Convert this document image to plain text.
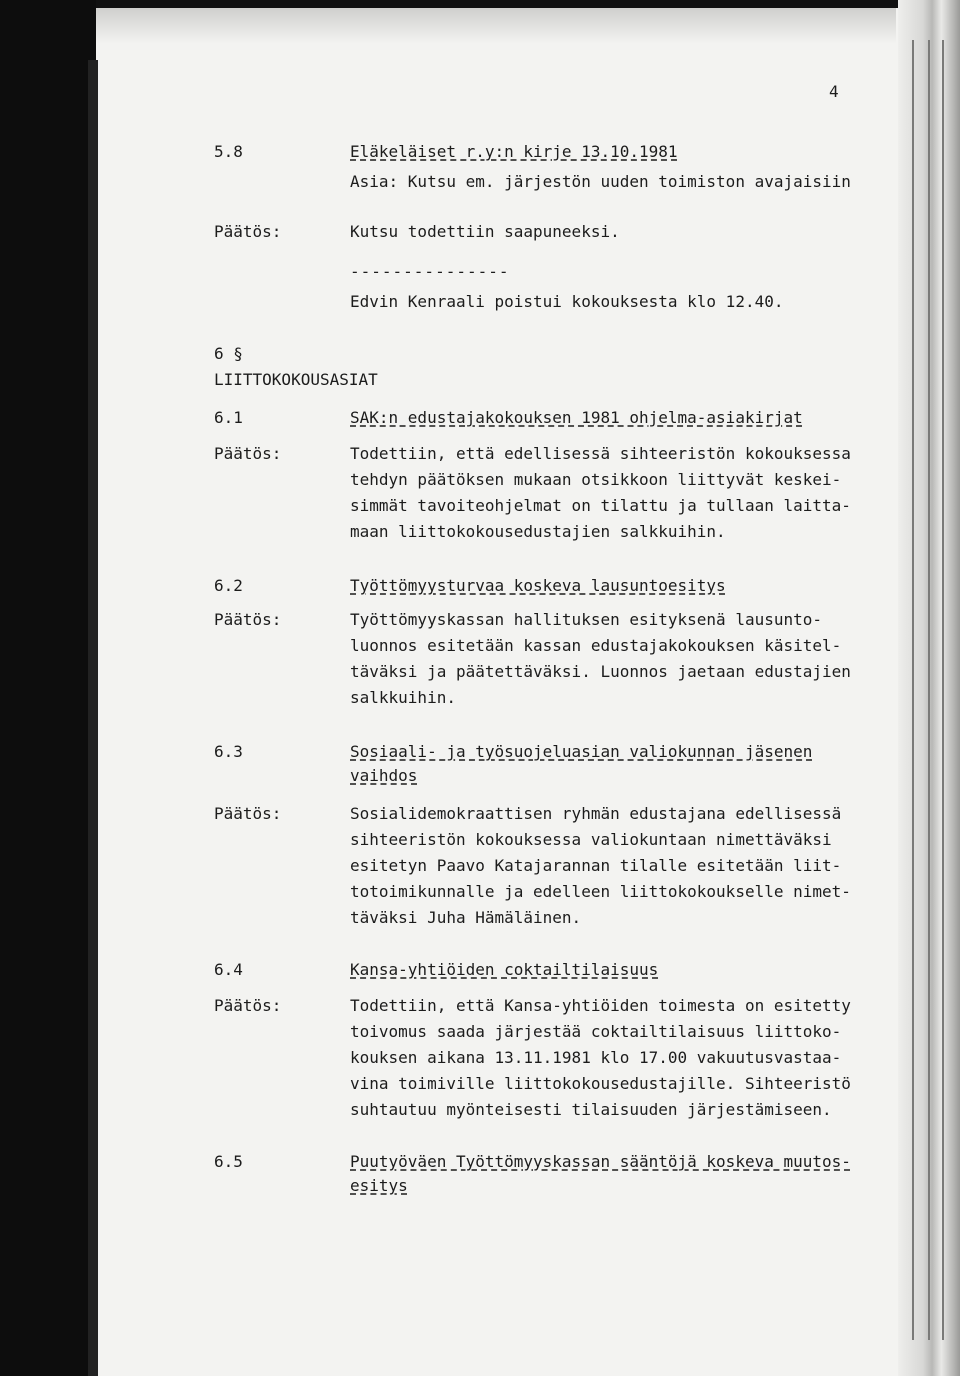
4
5.8	Eläkeläiset r.y:n kirje 13.10.1981
Asia: Kutsu em. järjestön uuden toimiston avajaisiin
Päätös:	Kutsu todettiin saapuneeksi.
---------------
Edvin Kenraali poistui kokouksesta klo 12.40.
6 §
LIITTOKOKOUSASIAT
6.1	SAK:n edustajakokouksen 1981 ohjelma-asiakirjat
Päätös:	Todettiin, että edellisessä sihteeristön kokouksessa
tehdyn päätöksen mukaan otsikkoon liittyvät keskei-
simmät tavoiteohjelmat on tilattu ja tullaan laitta-
maan liittokokousedustajien salkkuihin.
6.2	Työttömyysturvaa koskeva lausuntoesitys
Päätös:	Työttömyyskassan hallituksen esityksenä lausunto-
luonnos esitetään kassan edustajakokouksen käsitel-
täväksi ja päätettäväksi. Luonnos jaetaan edustajien
salkkuihin.
6.3	Sosiaali- ja työsuojeluasian valiokunnan jäsenen
vaihdos
Päätös:	Sosialidemokraattisen ryhmän edustajana edellisessä
sihteeristön kokouksessa valiokuntaan nimettäväksi
esitetyn Paavo Katajarannan tilalle esitetään liit-
totoimikunnalle ja edelleen liittokokoukselle nimet-
täväksi Juha Hämäläinen.
6.4	Kansa-yhtiöiden coktailtilaisuus
Päätös:	Todettiin, että Kansa-yhtiöiden toimesta on esitetty
toivomus saada järjestää coktailtilaisuus liittoko-
kouksen aikana 13.11.1981 klo 17.00 vakuutusvastaa-
vina toimiville liittokokousedustajille. Sihteeristö
suhtautuu myönteisesti tilaisuuden järjestämiseen.
6.5	Puutyöväen Työttömyyskassan sääntöjä koskeva muutos-
esitys
